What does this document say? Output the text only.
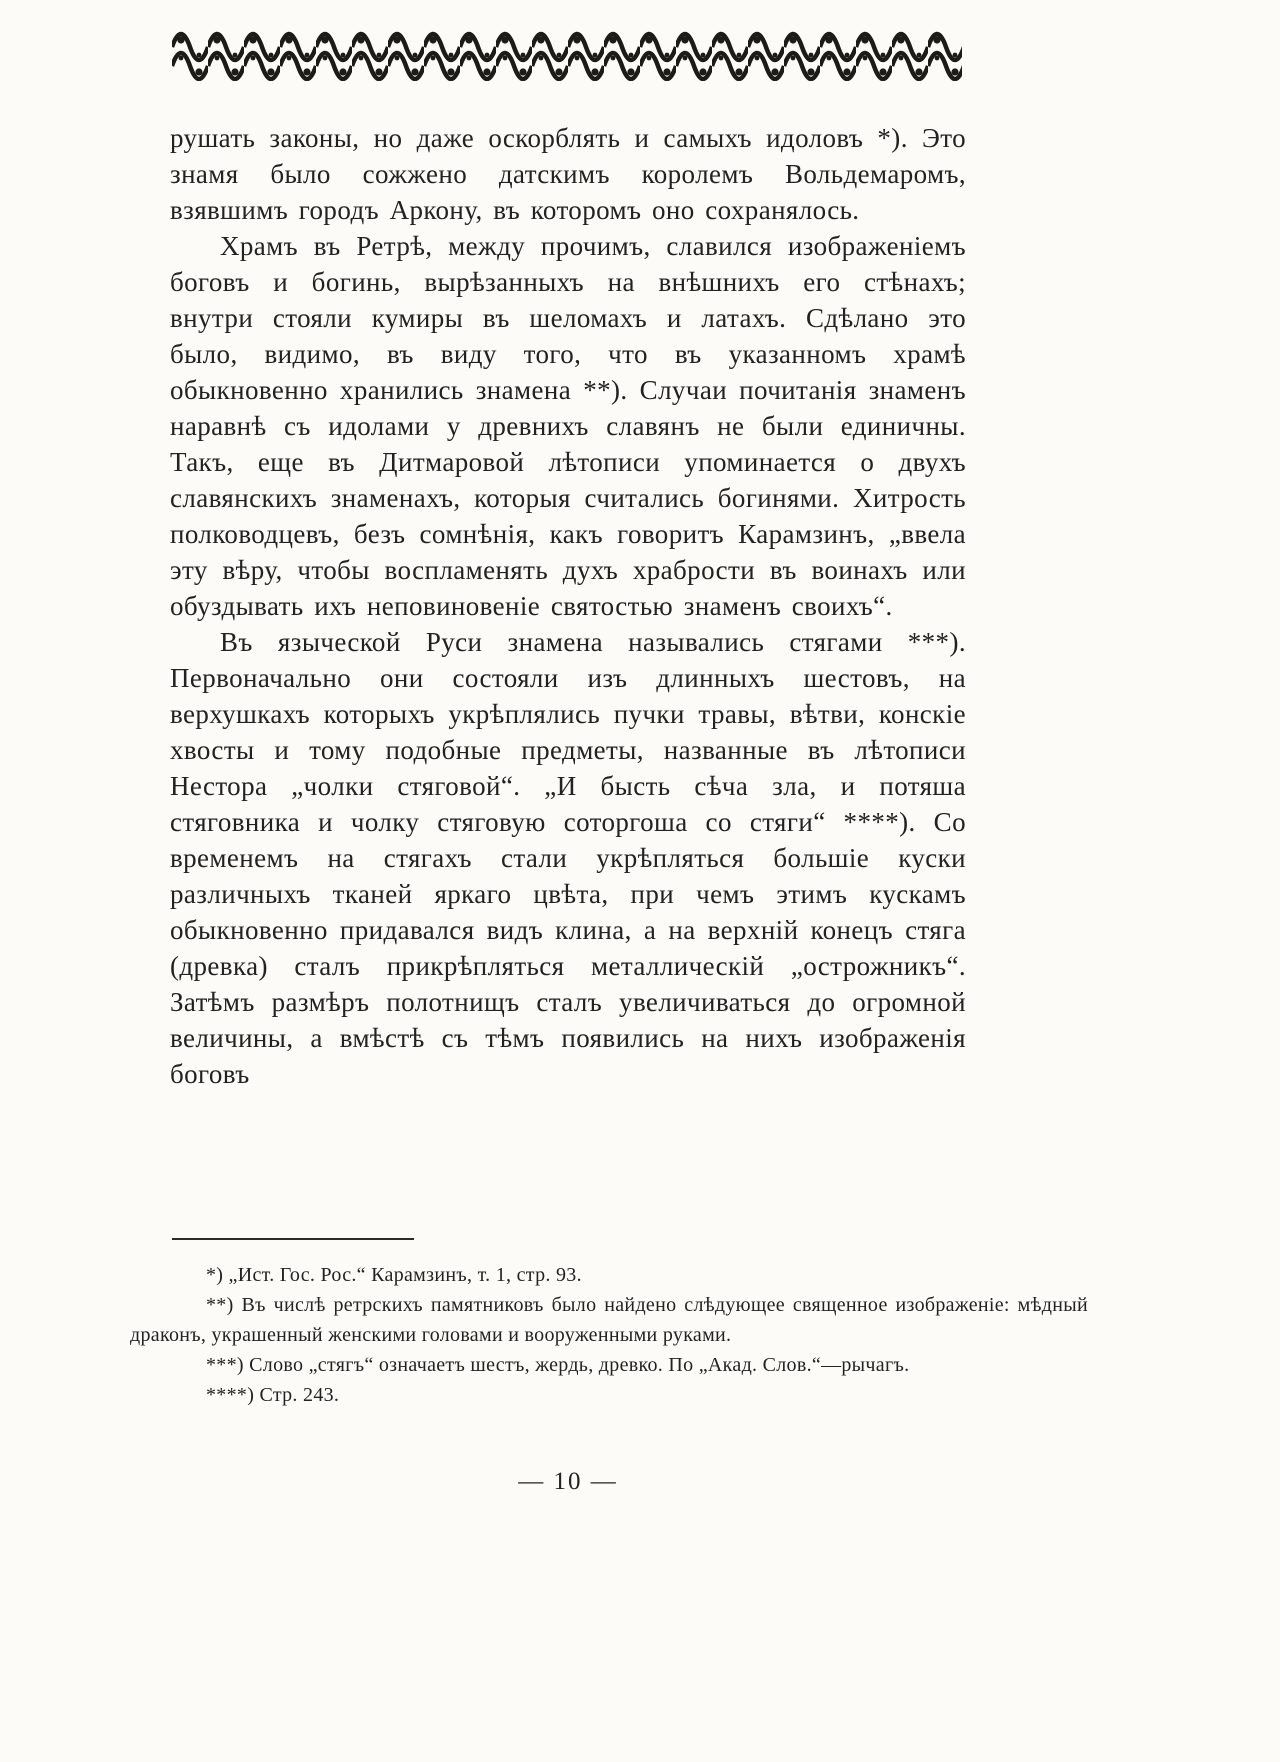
рушать законы, но даже оскорблять и самыхъ идоловъ *). Это знамя было сожжено датскимъ королемъ Вольдемаромъ, взявшимъ городъ Аркону, въ которомъ оно сохранялось.

Храмъ въ Ретрѣ, между прочимъ, славился изображеніемъ боговъ и богинь, вырѣзанныхъ на внѣшнихъ его стѣнахъ; внутри стояли кумиры въ шеломахъ и латахъ. Сдѣлано это было, видимо, въ виду того, что въ указанномъ храмѣ обыкновенно хранились знамена **). Случаи почитанія знаменъ наравнѣ съ идолами у древнихъ славянъ не были единичны. Такъ, еще въ Дитмаровой лѣтописи упоминается о двухъ славянскихъ знаменахъ, которыя считались богинями. Хитрость полководцевъ, безъ сомнѣнія, какъ говоритъ Карамзинъ, „ввела эту вѣру, чтобы воспламенять духъ храбрости въ воинахъ или обуздывать ихъ неповиновеніе святостью знаменъ своихъ“.

Въ языческой Руси знамена назывались стягами ***). Первоначально они состояли изъ длинныхъ шестовъ, на верхушкахъ которыхъ укрѣплялись пучки травы, вѣтви, конскіе хвосты и тому подобные предметы, названные въ лѣтописи Нестора „чолки стяговой“. „И бысть сѣча зла, и потяша стяговника и чолку стяговую соторгоша со стяги“ ****). Со временемъ на стягахъ стали укрѣпляться большіе куски различныхъ тканей яркаго цвѣта, при чемъ этимъ кускамъ обыкновенно придавался видъ клина, а на верхній конецъ стяга (древка) сталъ прикрѣпляться металлическій „острожникъ“. Затѣмъ размѣръ полотнищъ сталъ увеличиваться до огромной величины, а вмѣстѣ съ тѣмъ появились на нихъ изображенія боговъ

*) „Ист. Гос. Рос.“ Карамзинъ, т. 1, стр. 93.

**) Въ числѣ ретрскихъ памятниковъ было найдено слѣдующее священное изображеніе: мѣдный драконъ, украшенный женскими головами и вооруженными руками.

***) Слово „стягъ“ означаетъ шестъ, жердь, древко. По „Акад. Слов.“—рычагъ.

****) Стр. 243.

— 10 —
